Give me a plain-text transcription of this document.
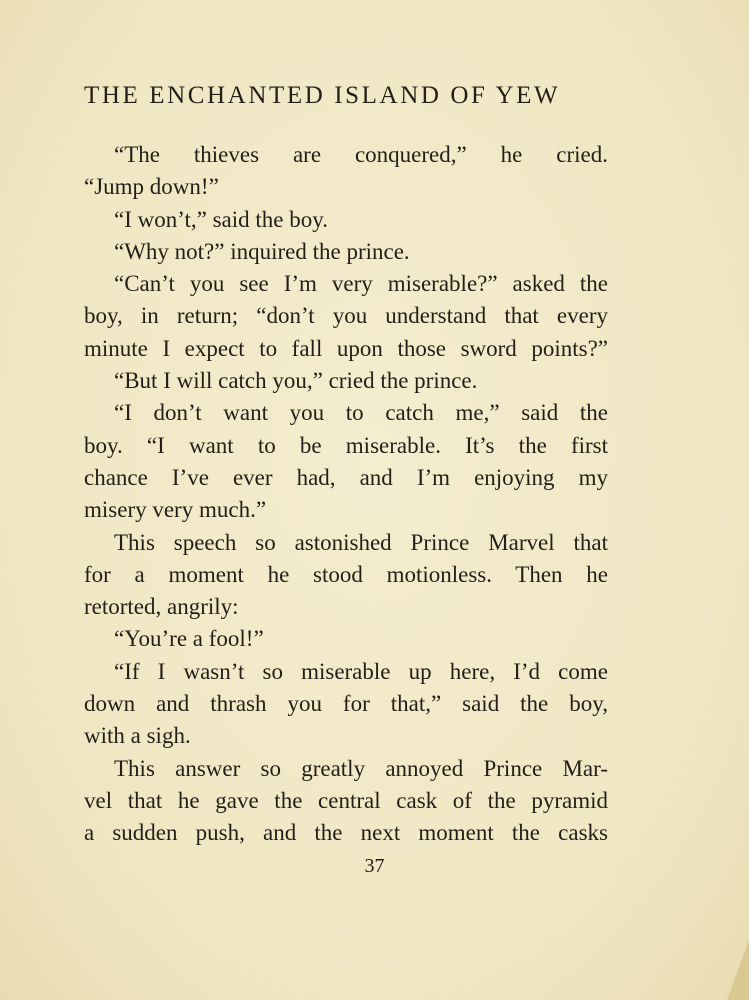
THE ENCHANTED ISLAND OF YEW
“The thieves are conquered,” he cried.
“Jump down!”
“I won’t,” said the boy.
“Why not?” inquired the prince.
“Can’t you see I’m very miserable?” asked the
boy, in return; “don’t you understand that every
minute I expect to fall upon those sword points?”
“But I will catch you,” cried the prince.
“I don’t want you to catch me,” said the
boy. “I want to be miserable. It’s the first
chance I’ve ever had, and I’m enjoying my
misery very much.”
This speech so astonished Prince Marvel that
for a moment he stood motionless. Then he
retorted, angrily:
“You’re a fool!”
“If I wasn’t so miserable up here, I’d come
down and thrash you for that,” said the boy,
with a sigh.
This answer so greatly annoyed Prince Mar-
vel that he gave the central cask of the pyramid
a sudden push, and the next moment the casks
37
